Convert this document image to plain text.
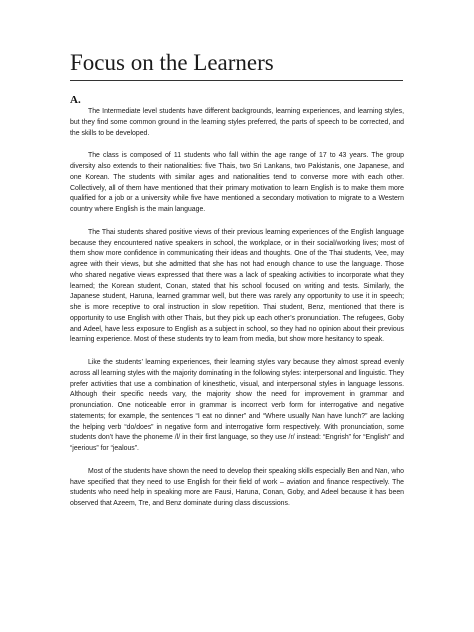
Focus on the Learners
A.

The Intermediate level students have different backgrounds, learning experiences, and learning styles, but they find some common ground in the learning styles preferred, the parts of speech to be corrected, and the skills to be developed.

The class is composed of 11 students who fall within the age range of 17 to 43 years. The group diversity also extends to their nationalities: five Thais, two Sri Lankans, two Pakistanis, one Japanese, and one Korean. The students with similar ages and nationalities tend to converse more with each other. Collectively, all of them have mentioned that their primary motivation to learn English is to make them more qualified for a job or a university while five have mentioned a secondary motivation to migrate to a Western country where English is the main language.

The Thai students shared positive views of their previous learning experiences of the English language because they encountered native speakers in school, the workplace, or in their social/working lives; most of them show more confidence in communicating their ideas and thoughts. One of the Thai students, Vee, may agree with their views, but she admitted that she has not had enough chance to use the language. Those who shared negative views expressed that there was a lack of speaking activities to incorporate what they learned; the Korean student, Conan, stated that his school focused on writing and tests. Similarly, the Japanese student, Haruna, learned grammar well, but there was rarely any opportunity to use it in speech; she is more receptive to oral instruction in slow repetition. Thai student, Benz, mentioned that there is opportunity to use English with other Thais, but they pick up each other’s pronunciation. The refugees, Goby and Adeel, have less exposure to English as a subject in school, so they had no opinion about their previous learning experience. Most of these students try to learn from media, but show more hesitancy to speak.

Like the students’ learning experiences, their learning styles vary because they almost spread evenly across all learning styles with the majority dominating in the following styles: interpersonal and linguistic. They prefer activities that use a combination of kinesthetic, visual, and interpersonal styles in language lessons. Although their specific needs vary, the majority show the need for improvement in grammar and pronunciation. One noticeable error in grammar is incorrect verb form for interrogative and negative statements; for example, the sentences “I eat no dinner” and “Where usually Nan have lunch?” are lacking the helping verb “do/does” in negative form and interrogative form respectively. With pronunciation, some students don’t have the phoneme /l/ in their first language, so they use /r/ instead: “Engrish” for “English” and “jeerious” for “jealous”.

Most of the students have shown the need to develop their speaking skills especially Ben and Nan, who have specified that they need to use English for their field of work – aviation and finance respectively. The students who need help in speaking more are Fausi, Haruna, Conan, Goby, and Adeel because it has been observed that Azeem, Tre, and Benz dominate during class discussions.
